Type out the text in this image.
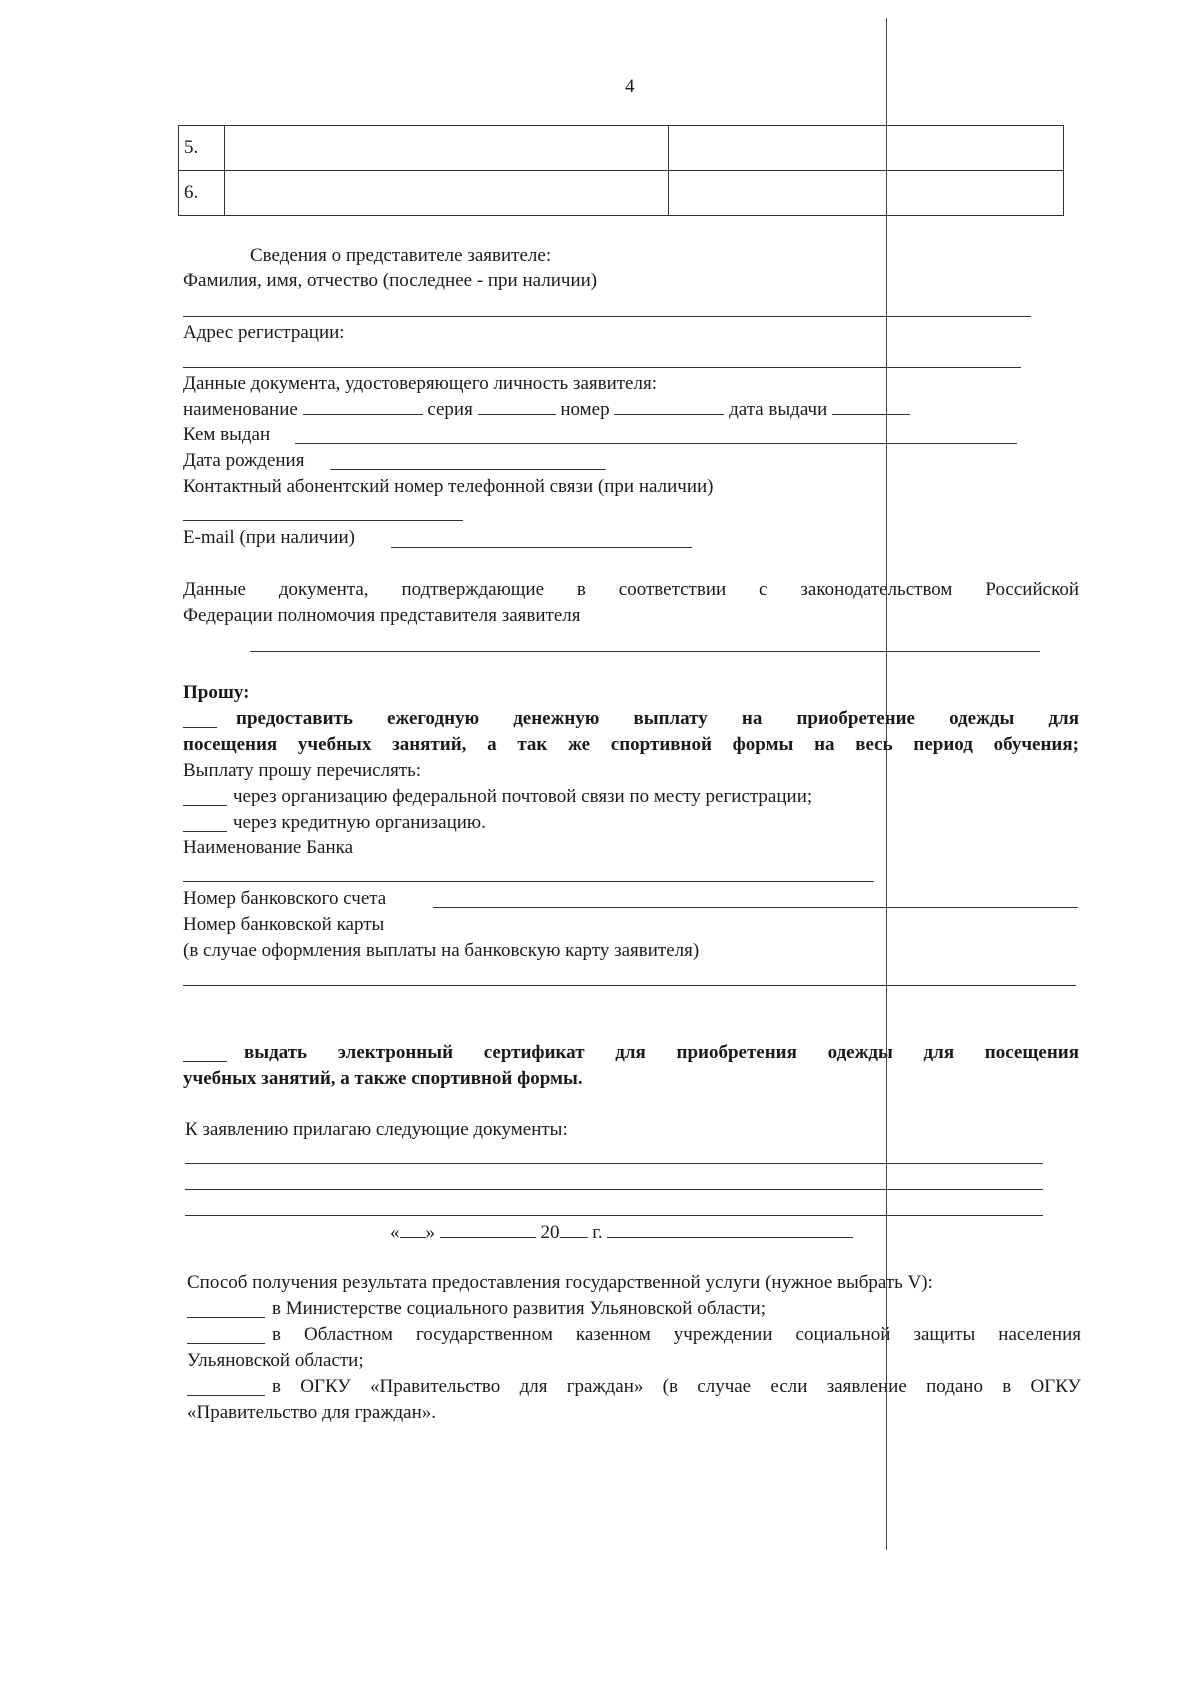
4
5.		
6.		
Сведения о представителе заявителе:
Фамилия, имя, отчество (последнее - при наличии)
Адрес регистрации:
Данные документа, удостоверяющего личность заявителя:
наименование	серия	номер	дата выдачи
Кем выдан
Дата рождения
Контактный абонентский номер телефонной связи (при наличии)
E-mail (при наличии)
Данные документа, подтверждающие в соответствии с законодательством Российской
Федерации полномочия представителя заявителя
Прошу:
предоставить ежегодную денежную выплату на приобретение одежды для
посещения учебных занятий, а так же спортивной формы на весь период обучения;
Выплату прошу перечислять:
через организацию федеральной почтовой связи по месту регистрации;
через кредитную организацию.
Наименование Банка
Номер банковского счета
Номер банковской карты
(в случае оформления выплаты на банковскую карту заявителя)
выдать электронный сертификат для приобретения одежды для посещения
учебных занятий, а также спортивной формы.
К заявлению прилагаю следующие документы:
« »	20 г.
Способ получения результата предоставления государственной услуги (нужное выбрать V):
в Министерстве социального развития Ульяновской области;
в Областном государственном казенном учреждении социальной защиты населения
Ульяновской области;
в ОГКУ «Правительство для граждан» (в случае если заявление подано в ОГКУ
«Правительство для граждан».
